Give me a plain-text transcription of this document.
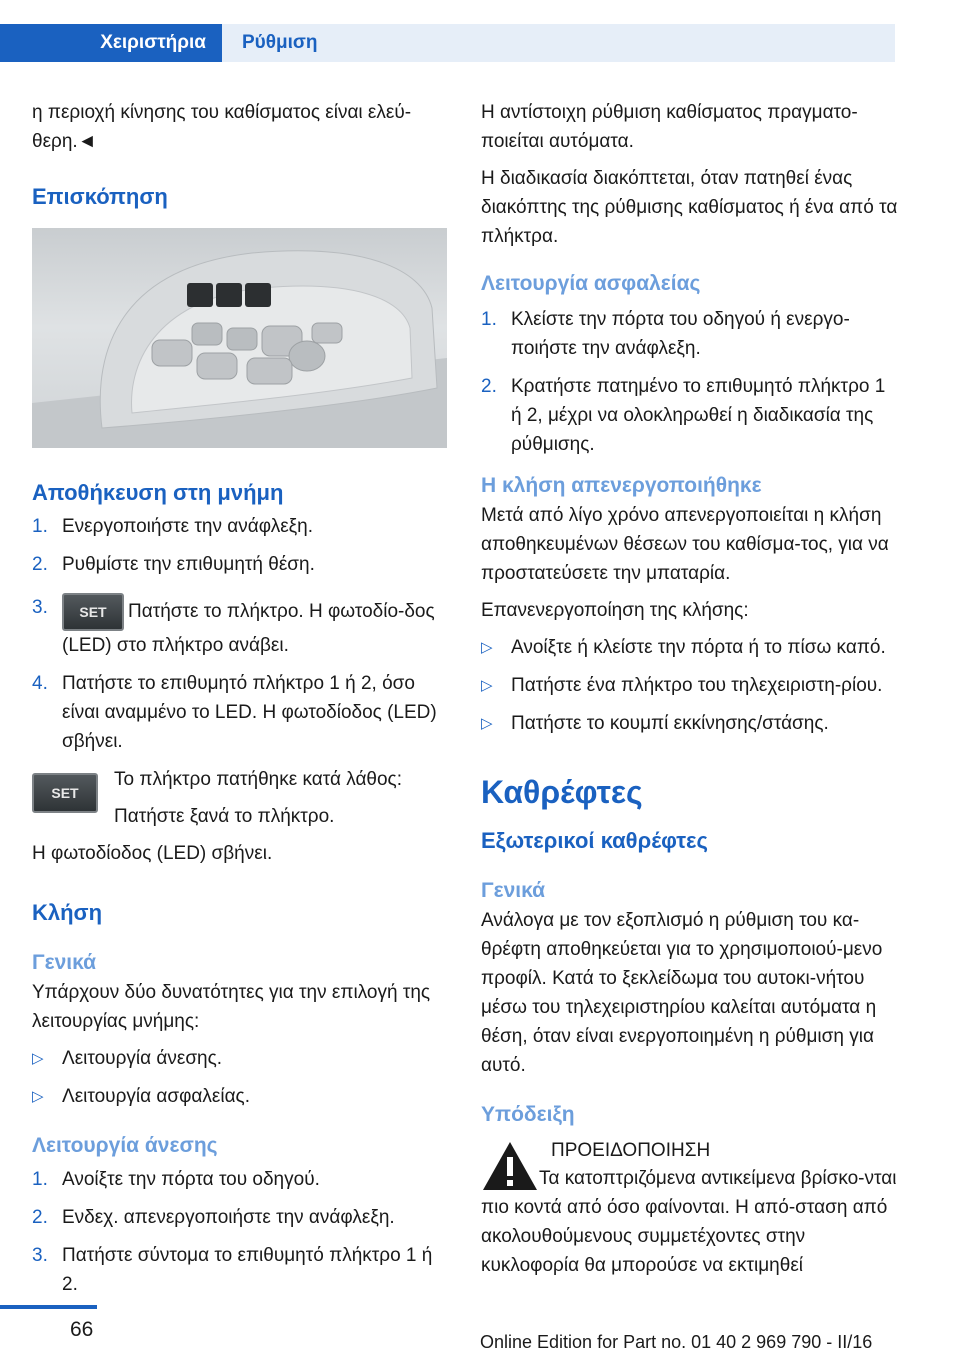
Χειριστήρια	Ρύθμιση

η περιοχή κίνησης του καθίσματος είναι ελεύ-θερη.◄

Επισκόπηση
Αποθήκευση στη μνήμη
1. Ενεργοποιήστε την ανάφλεξη.
2. Ρυθμίστε την επιθυμητή θέση.
3. SET Πατήστε το πλήκτρο. Η φωτοδίο-δος (LED) στο πλήκτρο ανάβει.
4. Πατήστε το επιθυμητό πλήκτρο 1 ή 2, όσο είναι αναμμένο το LED. Η φωτοδίοδος (LED) σβήνει.
SET

Το πλήκτρο πατήθηκε κατά λάθος:

Πατήστε ξανά το πλήκτρο.

Η φωτοδίοδος (LED) σβήνει.

Κλήση
Γενικά

Υπάρχουν δύο δυνατότητες για την επιλογή της λειτουργίας μνήμης:

▷ Λειτουργία άνεσης.
▷ Λειτουργία ασφαλείας.
Λειτουργία άνεσης
1. Ανοίξτε την πόρτα του οδηγού.
2. Ενδεχ. απενεργοποιήστε την ανάφλεξη.
3. Πατήστε σύντομα το επιθυμητό πλήκτρο 1 ή 2.

Η αντίστοιχη ρύθμιση καθίσματος πραγματο-ποιείται αυτόματα.

Η διαδικασία διακόπτεται, όταν πατηθεί ένας διακόπτης της ρύθμισης καθίσματος ή ένα από τα πλήκτρα.

Λειτουργία ασφαλείας
1. Κλείστε την πόρτα του οδηγού ή ενεργο-ποιήστε την ανάφλεξη.
2. Κρατήστε πατημένο το επιθυμητό πλήκτρο 1 ή 2, μέχρι να ολοκληρωθεί η διαδικασία της ρύθμισης.
Η κλήση απενεργοποιήθηκε

Μετά από λίγο χρόνο απενεργοποιείται η κλήση αποθηκευμένων θέσεων του καθίσμα-τος, για να προστατεύσετε την μπαταρία.

Επανενεργοποίηση της κλήσης:

▷ Ανοίξτε ή κλείστε την πόρτα ή το πίσω καπό.
▷ Πατήστε ένα πλήκτρο του τηλεχειριστη-ρίου.
▷ Πατήστε το κουμπί εκκίνησης/στάσης.
Καθρέφτες
Εξωτερικοί καθρέφτες
Γενικά

Ανάλογα με τον εξοπλισμό η ρύθμιση του κα-θρέφτη αποθηκεύεται για το χρησιμοποιού-μενο προφίλ. Κατά το ξεκλείδωμα του αυτοκι-νήτου μέσω του τηλεχειριστηρίου καλείται αυτόματα η θέση, όταν είναι ενεργοποιημένη η ρύθμιση για αυτό.

Υπόδειξη

ΠΡΟΕΙΔΟΠΟΙΗΣΗ

Τα κατοπτριζόμενα αντικείμενα βρίσκο-νται πιο κοντά από όσο φαίνονται. Η από-σταση από ακολουθούμενους συμμετέχοντες στην κυκλοφορία θα μπορούσε να εκτιμηθεί

66
Online Edition for Part no. 01 40 2 969 790 - II/16
